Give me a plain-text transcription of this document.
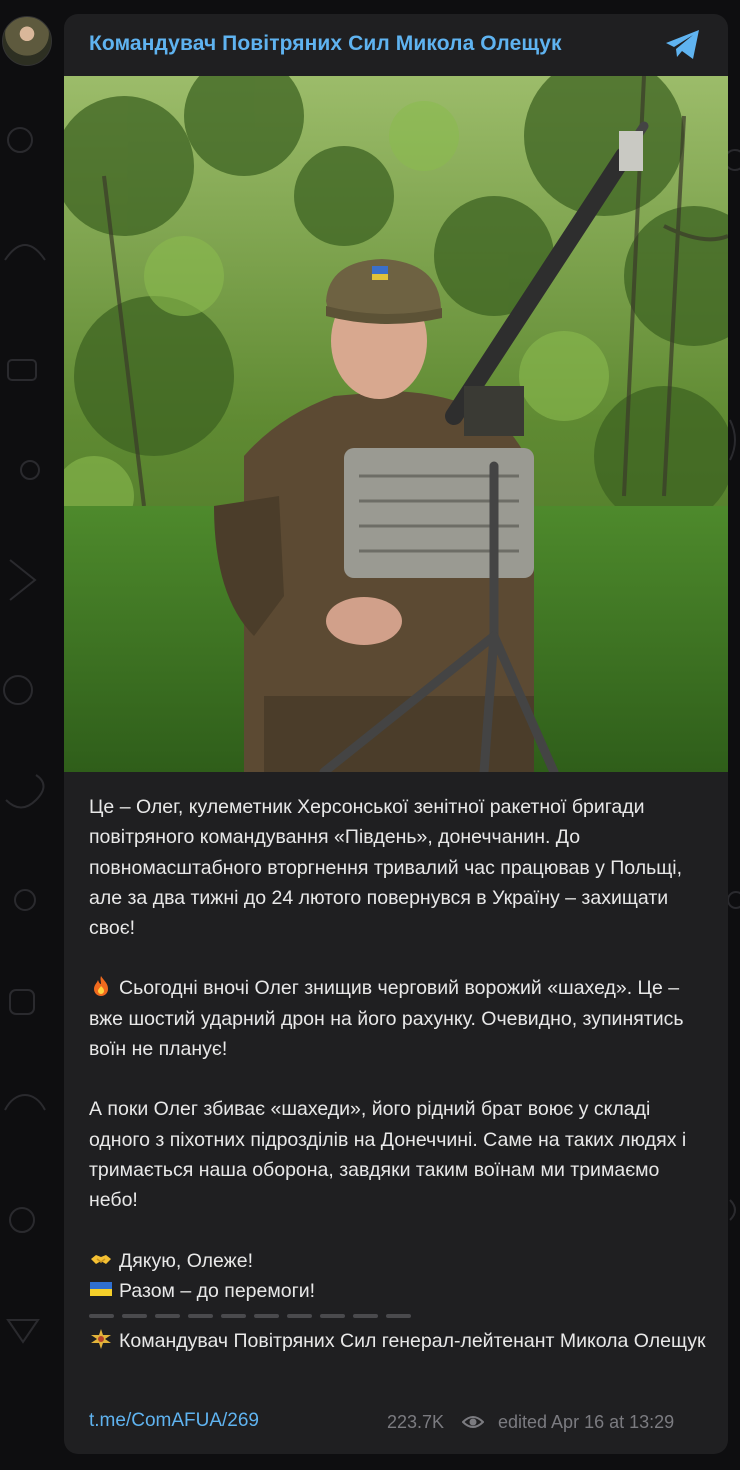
Командувач Повітряних Сил Микола Олещук

Це – Олег, кулеметник Херсонської зенітної ракетної бригади повітряного командування «Південь», донеччанин. До повномасштабного вторгнення тривалий час працював у Польщі, але за два тижні до 24 лютого повернувся в Україну – захищати своє!

Сьогодні вночі Олег знищив черговий ворожий «шахед». Це – вже шостий ударний дрон на його рахунку. Очевидно, зупинятись воїн не планує!

А поки Олег збиває «шахеди», його рідний брат воює у складі одного з піхотних підрозділів на Донеччині. Саме на таких людях і тримається наша оборона, завдяки таким воїнам ми тримаємо небо!

Дякую, Олеже!

Разом – до перемоги!

Командувач Повітряних Сил генерал-лейтенант Микола Олещук

t.me/ComAFUA/269	223.7K	edited Apr 16 at 13:29
